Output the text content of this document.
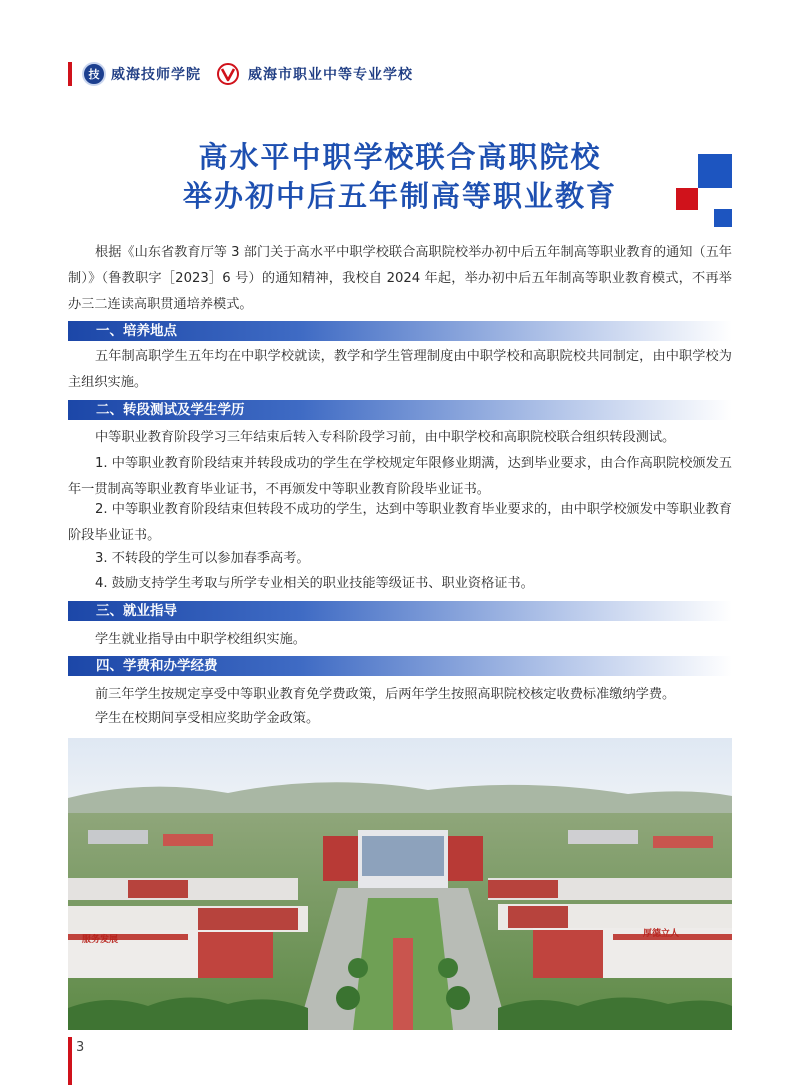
技 威海技师学院	威海市职业中等专业学校
高水平中职学校联合高职院校
举办初中后五年制高等职业教育
根据《山东省教育厅等 3 部门关于高水平中职学校联合高职院校举办初中后五年制高等职业教育的通知（五年制）》（鲁教职字［2023］6 号）的通知精神，我校自 2024 年起，举办初中后五年制高等职业教育模式，不再举办三二连读高职贯通培养模式。
一、培养地点
五年制高职学生五年均在中职学校就读，教学和学生管理制度由中职学校和高职院校共同制定，由中职学校为主组织实施。
二、转段测试及学生学历
中等职业教育阶段学习三年结束后转入专科阶段学习前，由中职学校和高职院校联合组织转段测试。
1. 中等职业教育阶段结束并转段成功的学生在学校规定年限修业期满，达到毕业要求，由合作高职院校颁发五年一贯制高等职业教育毕业证书，不再颁发中等职业教育阶段毕业证书。
2. 中等职业教育阶段结束但转段不成功的学生，达到中等职业教育毕业要求的，由中职学校颁发中等职业教育阶段毕业证书。
3. 不转段的学生可以参加春季高考。
4. 鼓励支持学生考取与所学专业相关的职业技能等级证书、职业资格证书。
三、就业指导
学生就业指导由中职学校组织实施。
四、学费和办学经费
前三年学生按规定享受中等职业教育免学费政策，后两年学生按照高职院校核定收费标准缴纳学费。
学生在校期间享受相应奖助学金政策。
服务发展
厚德立人
3
